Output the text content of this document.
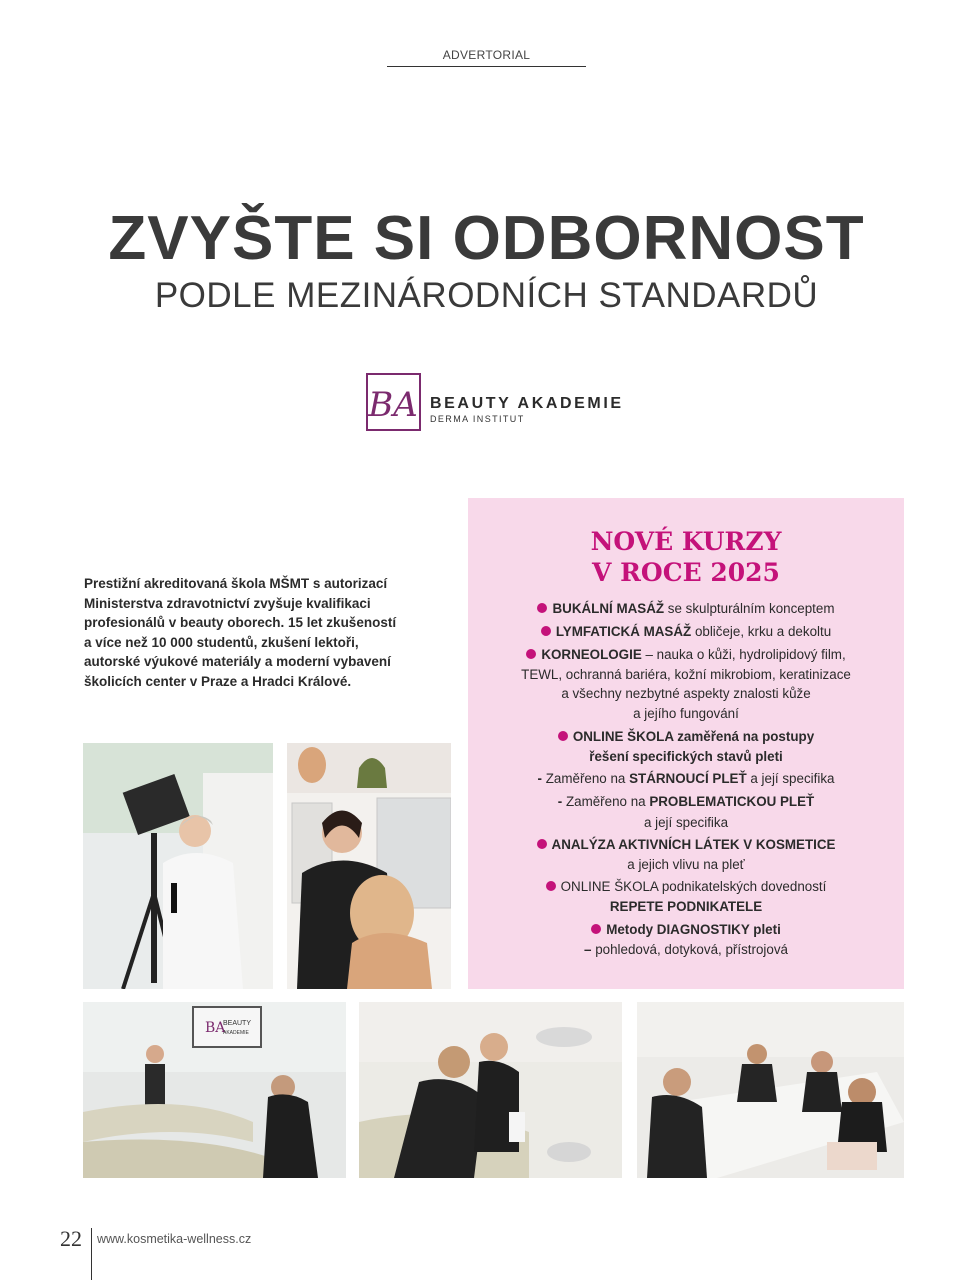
ADVERTORIAL
ZVYŠTE SI ODBORNOST
PODLE MEZINÁRODNÍCH STANDARDŮ
BA BEAUTY AKADEMIE
DERMA INSTITUT
Prestižní akreditovaná škola MŠMT s autorizací
Ministerstva zdravotnictví zvyšuje kvalifikaci
profesionálů v beauty oborech. 15 let zkušeností
a více než 10 000 studentů, zkušení lektoři,
autorské výukové materiály a moderní vybavení
školicích center v Praze a Hradci Králové.
NOVÉ KURZY
V ROCE 2025
BUKÁLNÍ MASÁŽ se skulpturálním konceptem
LYMFATICKÁ MASÁŽ obličeje, krku a dekoltu
KORNEOLOGIE – nauka o kůži, hydrolipidový film,
TEWL, ochranná bariéra, kožní mikrobiom, keratinizace
a všechny nezbytné aspekty znalosti kůže
a jejího fungování
ONLINE ŠKOLA zaměřená na postupy
řešení specifických stavů pleti
- Zaměřeno na STÁRNOUCÍ PLEŤ a její specifika
- Zaměřeno na PROBLEMATICKOU PLEŤ
a její specifika
ANALÝZA AKTIVNÍCH LÁTEK V KOSMETICE
a jejich vlivu na pleť
ONLINE ŠKOLA podnikatelských dovedností
REPETE PODNIKATELE
Metody DIAGNOSTIKY pleti
– pohledová, dotyková, přístrojová
BA
BEAUTY
AKADEMIE
22 www.kosmetika-wellness.cz
